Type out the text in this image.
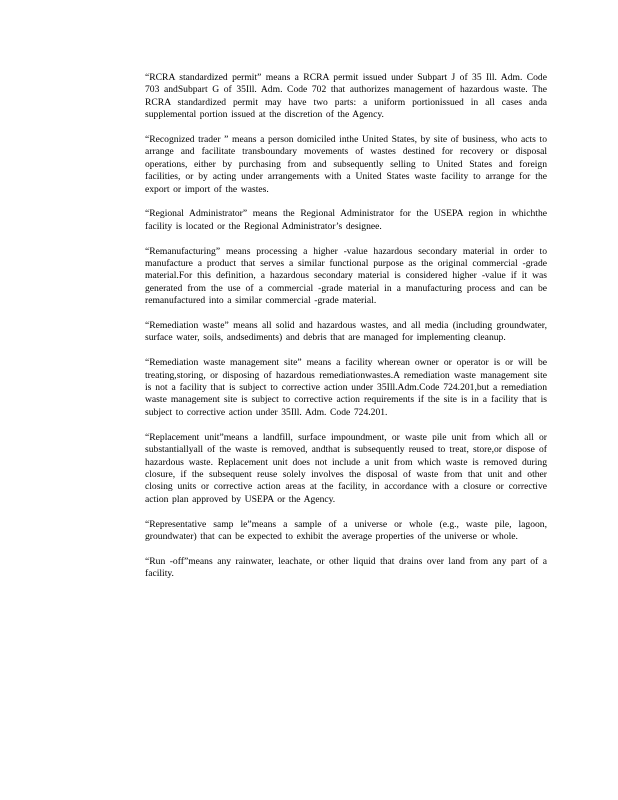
“RCRA standardized permit” means a RCRA permit issued under Subpart J of 35 Ill. Adm. Code 703 andSubpart G of 35Ill. Adm. Code 702 that authorizes management of hazardous waste. The RCRA standardized permit may have two parts: a uniform portionissued in all cases anda supplemental portion issued at the discretion of the Agency.

“Recognized trader ” means a person domiciled inthe United States, by site of business, who acts to arrange and facilitate transboundary movements of wastes destined for recovery or disposal operations, either by purchasing from and subsequently selling to United States and foreign facilities, or by acting under arrangements with a United States waste facility to arrange for the export or import of the wastes.

“Regional Administrator” means the Regional Administrator for the USEPA region in whichthe facility is located or the Regional Administrator’s designee.

“Remanufacturing” means processing a higher -value hazardous secondary material in order to manufacture a product that serves a similar functional purpose as the original commercial -grade material.For this definition, a hazardous secondary material is considered higher -value if it was generated from the use of a commercial -grade material in a manufacturing process and can be remanufactured into a similar commercial -grade material.

“Remediation waste” means all solid and hazardous wastes, and all media (including groundwater, surface water, soils, andsediments) and debris that are managed for implementing cleanup.

“Remediation waste management site” means a facility wherean owner or operator is or will be treating,storing, or disposing of hazardous remediationwastes.A remediation waste management site is not a facility that is subject to corrective action under 35Ill.Adm.Code 724.201,but a remediation waste management site is subject to corrective action requirements if the site is in a facility that is subject to corrective action under 35Ill. Adm. Code 724.201.

“Replacement unit”means a landfill, surface impoundment, or waste pile unit from which all or substantiallyall of the waste is removed, andthat is subsequently reused to treat, store,or dispose of hazardous waste. Replacement unit does not include a unit from which waste is removed during closure, if the subsequent reuse solely involves the disposal of waste from that unit and other closing units or corrective action areas at the facility, in accordance with a closure or corrective action plan approved by USEPA or the Agency.

“Representative samp le”means a sample of a universe or whole (e.g., waste pile, lagoon, groundwater) that can be expected to exhibit the average properties of the universe or whole.

“Run -off”means any rainwater, leachate, or other liquid that drains over land from any part of a facility.
